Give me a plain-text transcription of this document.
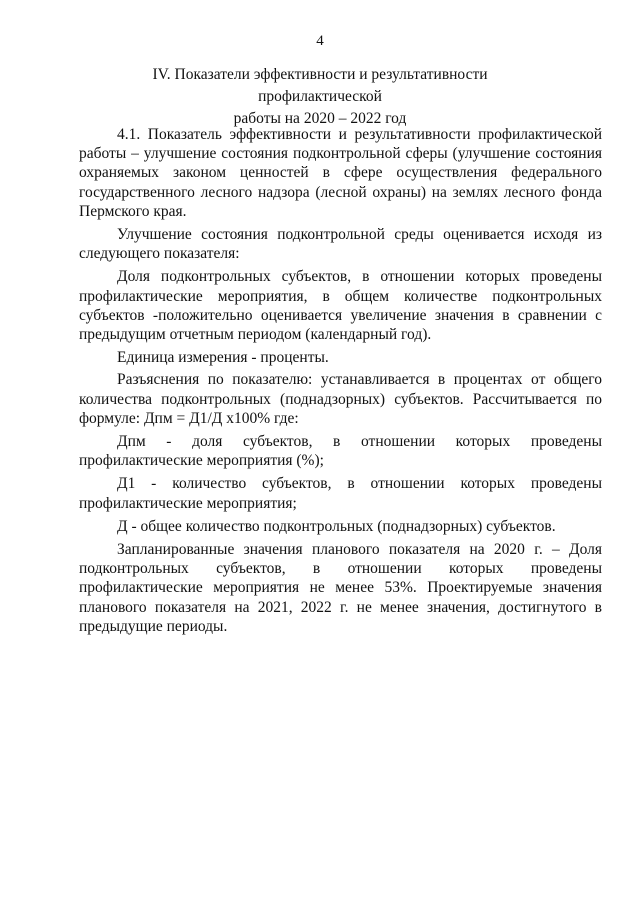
4
IV. Показатели эффективности и результативности профилактической
работы на 2020 – 2022 год

4.1. Показатель эффективности и результативности профилактической работы – улучшение состояния подконтрольной сферы (улучшение состояния охраняемых законом ценностей в сфере осуществления федерального государственного лесного надзора (лесной охраны) на землях лесного фонда Пермского края.

Улучшение состояния подконтрольной среды оценивается исходя из следующего показателя:

Доля подконтрольных субъектов, в отношении которых проведены профилактические мероприятия, в общем количестве подконтрольных субъектов -положительно оценивается увеличение значения в сравнении с предыдущим отчетным периодом (календарный год).

Единица измерения - проценты.

Разъяснения по показателю: устанавливается в процентах от общего количества подконтрольных (поднадзорных) субъектов. Рассчитывается по формуле: Дпм = Д1/Д х100% где:

Дпм - доля субъектов, в отношении которых проведены профилактические мероприятия (%);

Д1 - количество субъектов, в отношении которых проведены профилактические мероприятия;

Д - общее количество подконтрольных (поднадзорных) субъектов.

Запланированные значения планового показателя на 2020 г. – Доля подконтрольных субъектов, в отношении которых проведены профилактические мероприятия не менее 53%. Проектируемые значения планового показателя на 2021, 2022 г. не менее значения, достигнутого в предыдущие периоды.
